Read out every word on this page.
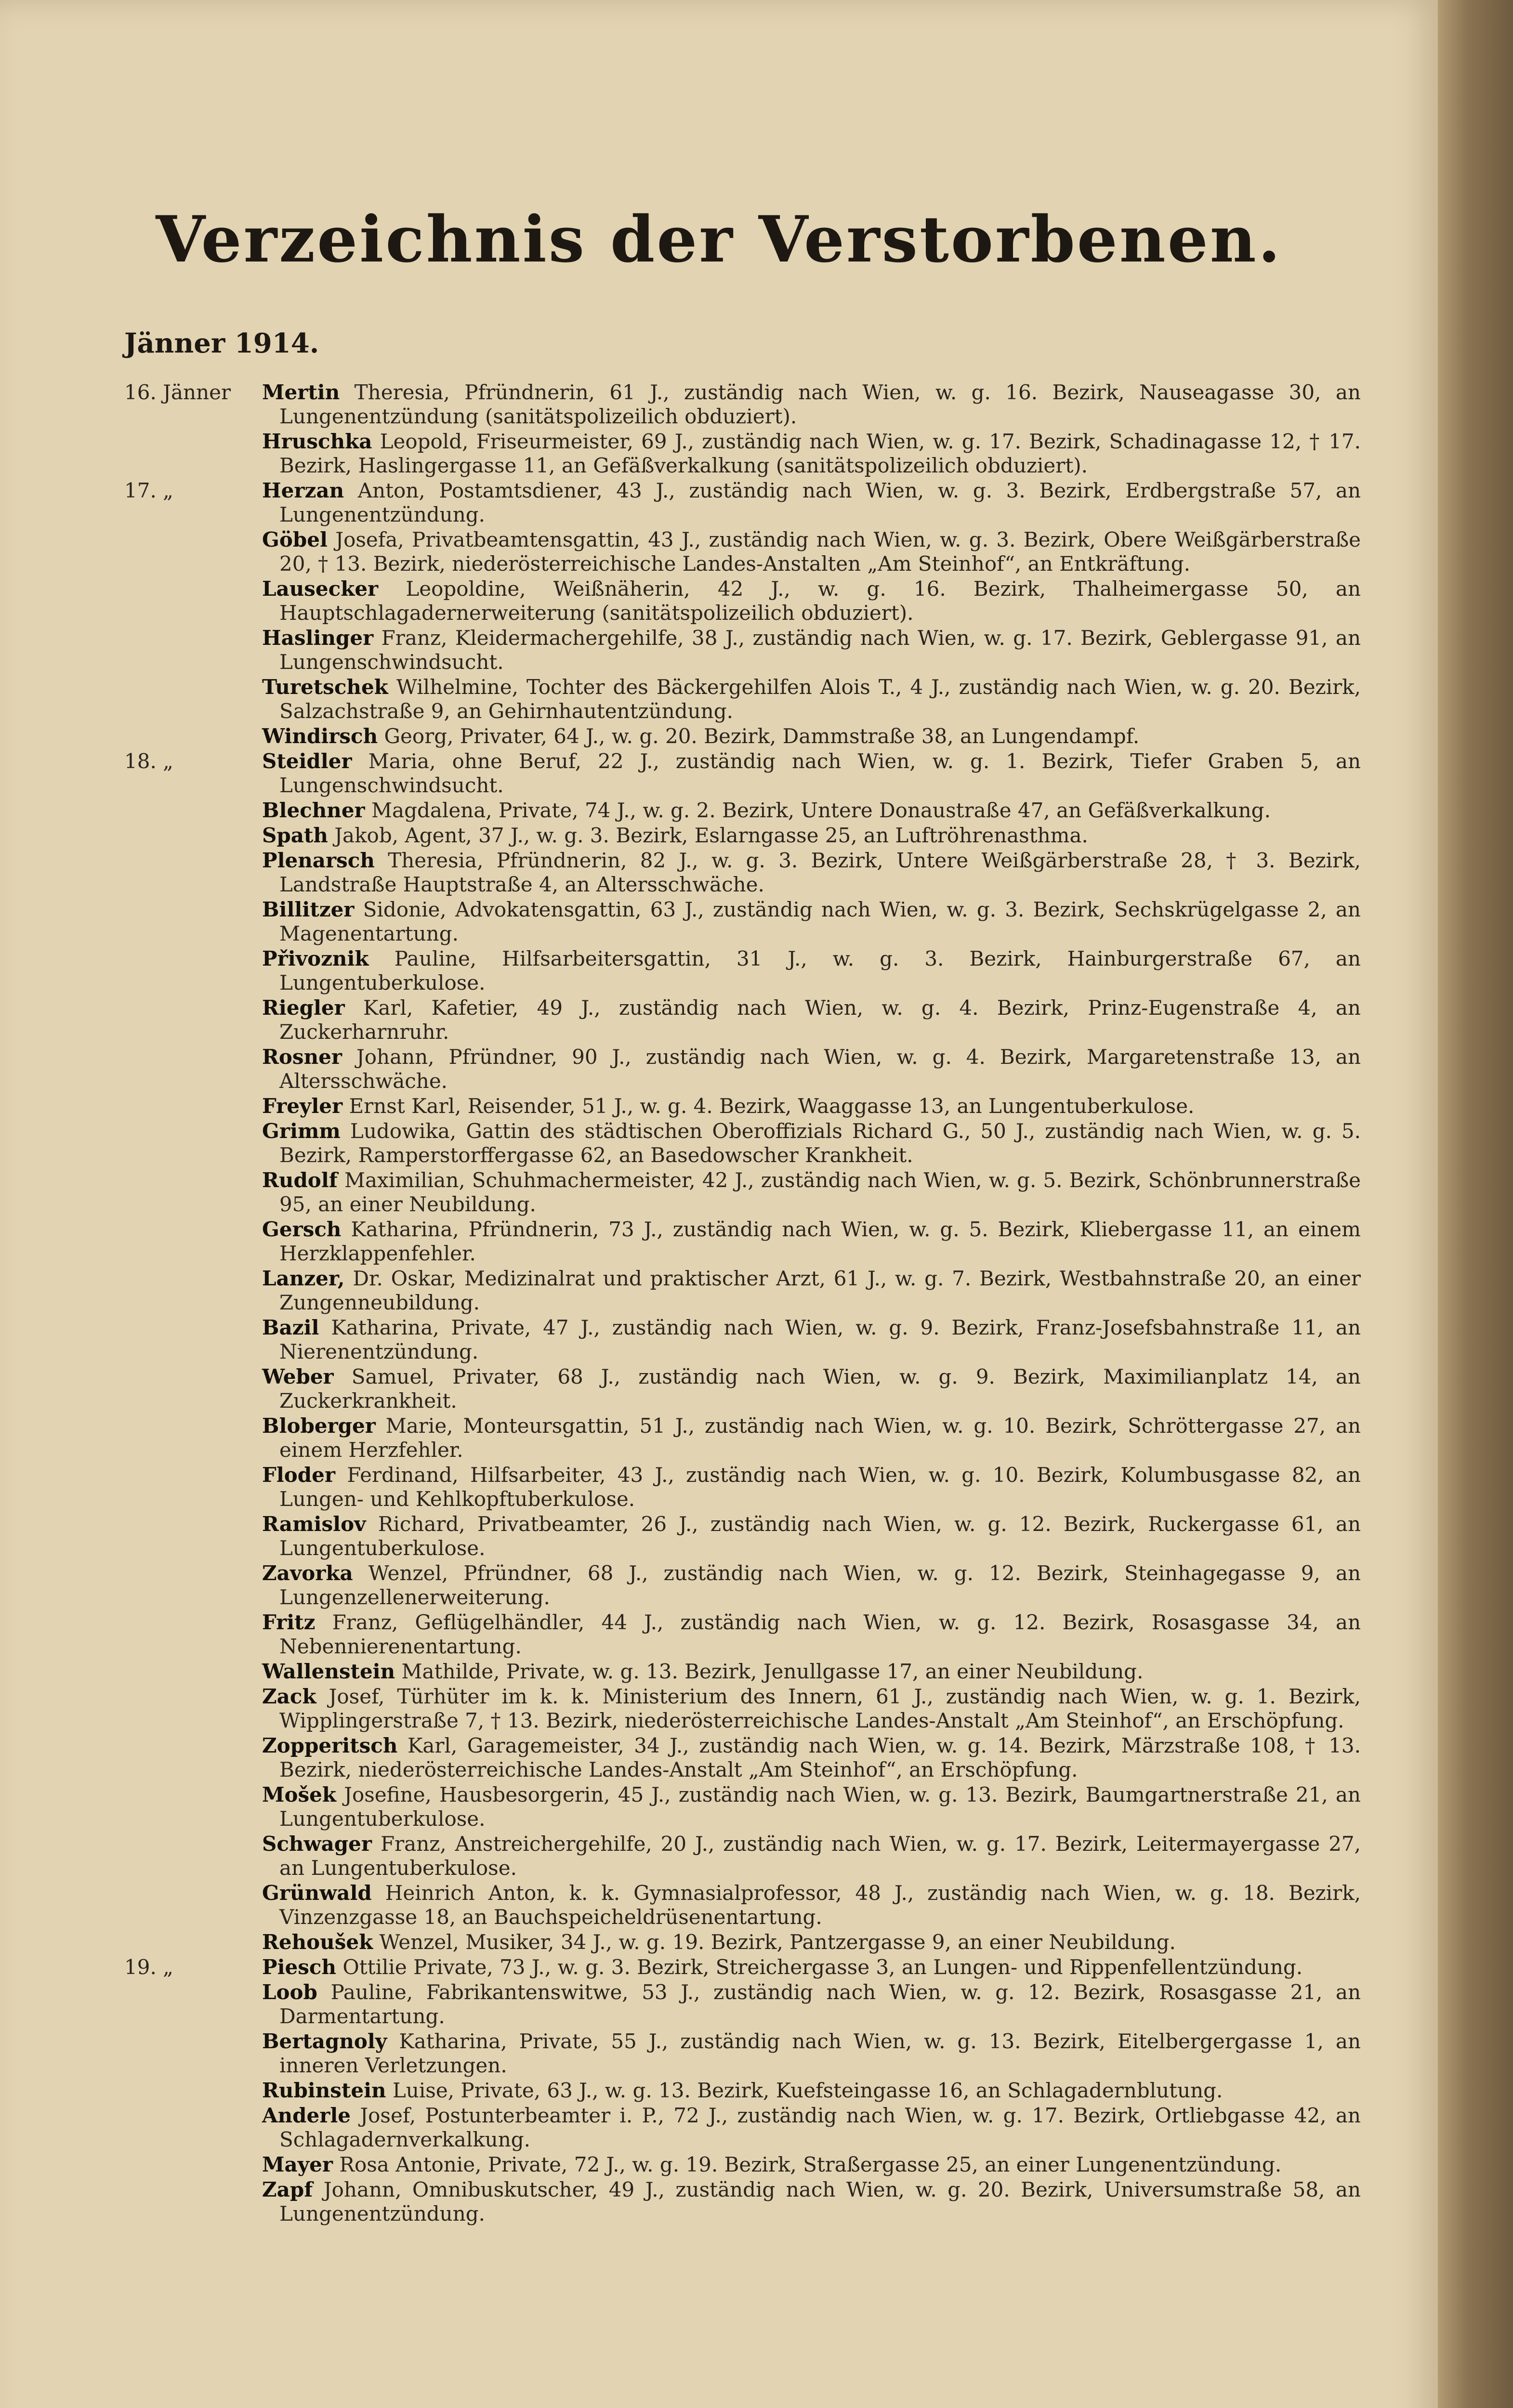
Verzeichnis der Verstorbenen.
Jänner 1914.
16. Jänner	Mertin Theresia, Pfründnerin, 61 J., zuständig nach Wien, w. g. 16. Bezirk, Nauseagasse 30, an Lungenentzündung (sanitätspolizeilich obduziert).
Hruschka Leopold, Friseurmeister, 69 J., zuständig nach Wien, w. g. 17. Bezirk, Schadinagasse 12, † 17. Bezirk, Haslingergasse 11, an Gefäßverkalkung (sanitätspolizeilich obduziert).
17. „	Herzan Anton, Postamtsdiener, 43 J., zuständig nach Wien, w. g. 3. Bezirk, Erdbergstraße 57, an Lungenentzündung.
Göbel Josefa, Privatbeamtensgattin, 43 J., zuständig nach Wien, w. g. 3. Bezirk, Obere Weißgärberstraße 20, † 13. Bezirk, niederösterreichische Landes-Anstalten „Am Steinhof“, an Entkräftung.
Lausecker Leopoldine, Weißnäherin, 42 J., w. g. 16. Bezirk, Thalheimergasse 50, an Hauptschlagadernerweiterung (sanitätspolizeilich obduziert).
Haslinger Franz, Kleidermachergehilfe, 38 J., zuständig nach Wien, w. g. 17. Bezirk, Geblergasse 91, an Lungenschwindsucht.
Turetschek Wilhelmine, Tochter des Bäckergehilfen Alois T., 4 J., zuständig nach Wien, w. g. 20. Bezirk, Salzachstraße 9, an Gehirnhautentzündung.
Windirsch Georg, Privater, 64 J., w. g. 20. Bezirk, Dammstraße 38, an Lungendampf.
18. „	Steidler Maria, ohne Beruf, 22 J., zuständig nach Wien, w. g. 1. Bezirk, Tiefer Graben 5, an Lungenschwindsucht.
Blechner Magdalena, Private, 74 J., w. g. 2. Bezirk, Untere Donaustraße 47, an Gefäßverkalkung.
Spath Jakob, Agent, 37 J., w. g. 3. Bezirk, Eslarngasse 25, an Luftröhrenasthma.
Plenarsch Theresia, Pfründnerin, 82 J., w. g. 3. Bezirk, Untere Weißgärberstraße 28, † 3. Bezirk, Landstraße Hauptstraße 4, an Altersschwäche.
Billitzer Sidonie, Advokatensgattin, 63 J., zuständig nach Wien, w. g. 3. Bezirk, Sechskrügelgasse 2, an Magenentartung.
Přivoznik Pauline, Hilfsarbeitersgattin, 31 J., w. g. 3. Bezirk, Hainburgerstraße 67, an Lungentuberkulose.
Riegler Karl, Kafetier, 49 J., zuständig nach Wien, w. g. 4. Bezirk, Prinz-Eugenstraße 4, an Zuckerharnruhr.
Rosner Johann, Pfründner, 90 J., zuständig nach Wien, w. g. 4. Bezirk, Margaretenstraße 13, an Altersschwäche.
Freyler Ernst Karl, Reisender, 51 J., w. g. 4. Bezirk, Waaggasse 13, an Lungentuberkulose.
Grimm Ludowika, Gattin des städtischen Oberoffizials Richard G., 50 J., zuständig nach Wien, w. g. 5. Bezirk, Ramperstorffergasse 62, an Basedowscher Krankheit.
Rudolf Maximilian, Schuhmachermeister, 42 J., zuständig nach Wien, w. g. 5. Bezirk, Schönbrunnerstraße 95, an einer Neubildung.
Gersch Katharina, Pfründnerin, 73 J., zuständig nach Wien, w. g. 5. Bezirk, Kliebergasse 11, an einem Herzklappenfehler.
Lanzer, Dr. Oskar, Medizinalrat und praktischer Arzt, 61 J., w. g. 7. Bezirk, Westbahnstraße 20, an einer Zungenneubildung.
Bazil Katharina, Private, 47 J., zuständig nach Wien, w. g. 9. Bezirk, Franz-Josefsbahnstraße 11, an Nierenentzündung.
Weber Samuel, Privater, 68 J., zuständig nach Wien, w. g. 9. Bezirk, Maximilianplatz 14, an Zuckerkrankheit.
Bloberger Marie, Monteursgattin, 51 J., zuständig nach Wien, w. g. 10. Bezirk, Schröttergasse 27, an einem Herzfehler.
Floder Ferdinand, Hilfsarbeiter, 43 J., zuständig nach Wien, w. g. 10. Bezirk, Kolumbusgasse 82, an Lungen- und Kehlkopftuberkulose.
Ramislov Richard, Privatbeamter, 26 J., zuständig nach Wien, w. g. 12. Bezirk, Ruckergasse 61, an Lungentuberkulose.
Zavorka Wenzel, Pfründner, 68 J., zuständig nach Wien, w. g. 12. Bezirk, Steinhagegasse 9, an Lungenzellenerweiterung.
Fritz Franz, Geflügelhändler, 44 J., zuständig nach Wien, w. g. 12. Bezirk, Rosasgasse 34, an Nebennierenentartung.
Wallenstein Mathilde, Private, w. g. 13. Bezirk, Jenullgasse 17, an einer Neubildung.
Zack Josef, Türhüter im k. k. Ministerium des Innern, 61 J., zuständig nach Wien, w. g. 1. Bezirk, Wipplingerstraße 7, † 13. Bezirk, niederösterreichische Landes-Anstalt „Am Steinhof“, an Erschöpfung.
Zopperitsch Karl, Garagemeister, 34 J., zuständig nach Wien, w. g. 14. Bezirk, Märzstraße 108, † 13. Bezirk, niederösterreichische Landes-Anstalt „Am Steinhof“, an Erschöpfung.
Mošek Josefine, Hausbesorgerin, 45 J., zuständig nach Wien, w. g. 13. Bezirk, Baumgartnerstraße 21, an Lungentuberkulose.
Schwager Franz, Anstreichergehilfe, 20 J., zuständig nach Wien, w. g. 17. Bezirk, Leitermayergasse 27, an Lungentuberkulose.
Grünwald Heinrich Anton, k. k. Gymnasialprofessor, 48 J., zuständig nach Wien, w. g. 18. Bezirk, Vinzenzgasse 18, an Bauchspeicheldrüsenentartung.
Rehoušek Wenzel, Musiker, 34 J., w. g. 19. Bezirk, Pantzergasse 9, an einer Neubildung.
19. „	Piesch Ottilie Private, 73 J., w. g. 3. Bezirk, Streichergasse 3, an Lungen- und Rippenfellentzündung.
Loob Pauline, Fabrikantenswitwe, 53 J., zuständig nach Wien, w. g. 12. Bezirk, Rosasgasse 21, an Darmentartung.
Bertagnoly Katharina, Private, 55 J., zuständig nach Wien, w. g. 13. Bezirk, Eitelbergergasse 1, an inneren Verletzungen.
Rubinstein Luise, Private, 63 J., w. g. 13. Bezirk, Kuefsteingasse 16, an Schlagadernblutung.
Anderle Josef, Postunterbeamter i. P., 72 J., zuständig nach Wien, w. g. 17. Bezirk, Ortliebgasse 42, an Schlagadernverkalkung.
Mayer Rosa Antonie, Private, 72 J., w. g. 19. Bezirk, Straßergasse 25, an einer Lungenentzündung.
Zapf Johann, Omnibuskutscher, 49 J., zuständig nach Wien, w. g. 20. Bezirk, Universumstraße 58, an Lungenentzündung.
